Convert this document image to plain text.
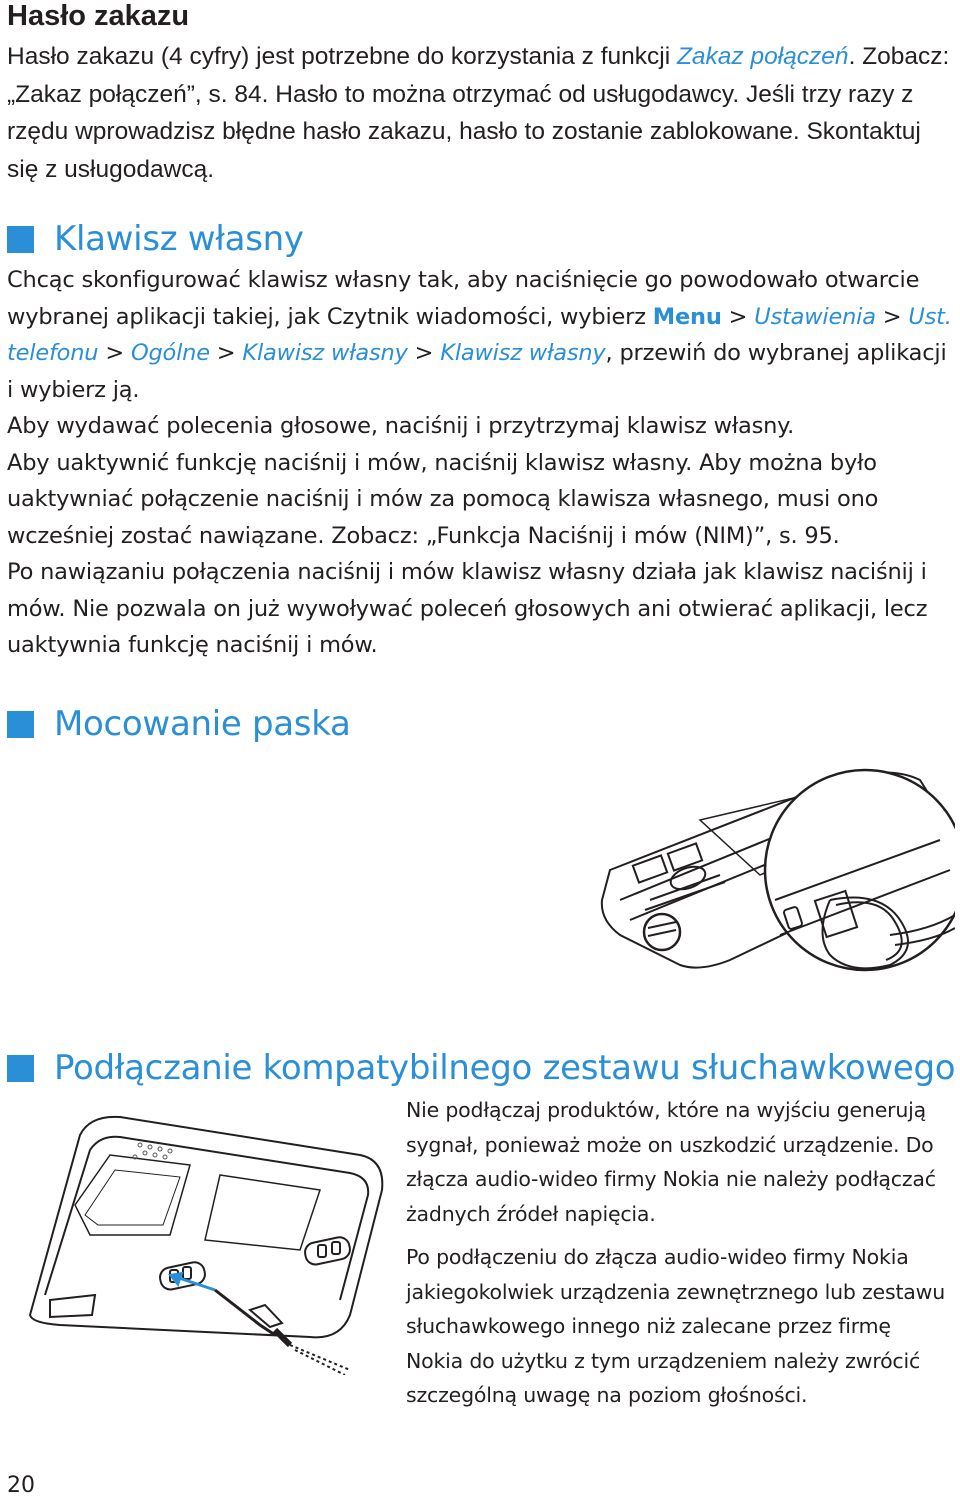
Hasło zakazu
Hasło zakazu (4 cyfry) jest potrzebne do korzystania z funkcji Zakaz połączeń. Zobacz: „Zakaz połączeń”, s. 84. Hasło to można otrzymać od usługodawcy. Jeśli trzy razy z rzędu wprowadzisz błędne hasło zakazu, hasło to zostanie zablokowane. Skontaktuj się z usługodawcą.
Klawisz własny

Chcąc skonfigurować klawisz własny tak, aby naciśnięcie go powodowało otwarcie wybranej aplikacji takiej, jak Czytnik wiadomości, wybierz Menu > Ustawienia > Ust. telefonu > Ogólne > Klawisz własny > Klawisz własny, przewiń do wybranej aplikacji i wybierz ją.

Aby wydawać polecenia głosowe, naciśnij i przytrzymaj klawisz własny.

Aby uaktywnić funkcję naciśnij i mów, naciśnij klawisz własny. Aby można było uaktywniać połączenie naciśnij i mów za pomocą klawisza własnego, musi ono wcześniej zostać nawiązane. Zobacz: „Funkcja Naciśnij i mów (NIM)”, s. 95.

Po nawiązaniu połączenia naciśnij i mów klawisz własny działa jak klawisz naciśnij i mów. Nie pozwala on już wywoływać poleceń głosowych ani otwierać aplikacji, lecz uaktywnia funkcję naciśnij i mów.

Mocowanie paska
Podłączanie kompatybilnego zestawu słuchawkowego

Nie podłączaj produktów, które na wyjściu generują sygnał, ponieważ może on uszkodzić urządzenie. Do złącza audio-wideo firmy Nokia nie należy podłączać żadnych źródeł napięcia.

Po podłączeniu do złącza audio-wideo firmy Nokia jakiegokolwiek urządzenia zewnętrznego lub zestawu słuchawkowego innego niż zalecane przez firmę Nokia do użytku z tym urządzeniem należy zwrócić szczególną uwagę na poziom głośności.

20
